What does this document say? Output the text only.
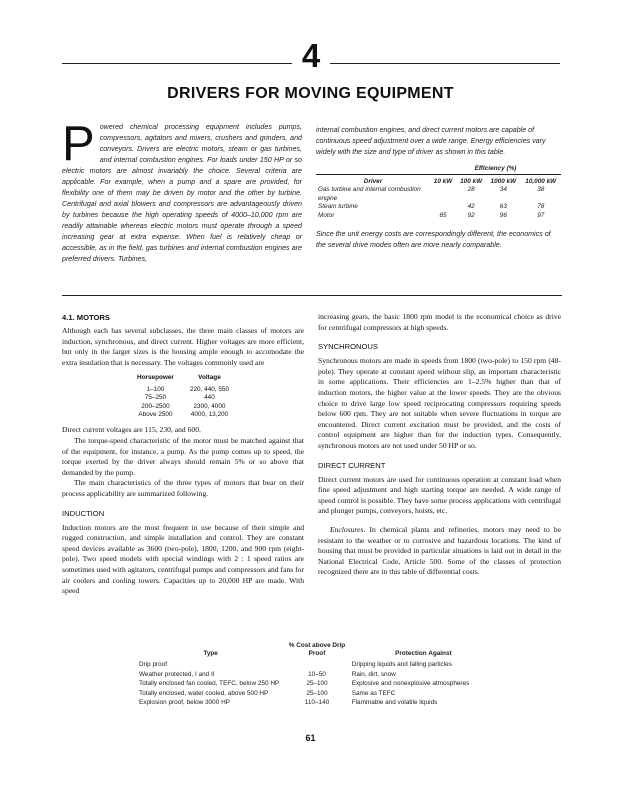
4
DRIVERS FOR MOVING EQUIPMENT
Powered chemical processing equipment includes pumps, compressors, agitators and mixers, crushers and grinders, and conveyors. Drivers are electric motors, steam or gas turbines, and internal combustion engines. For loads under 150 HP or so electric motors are almost invariably the choice. Several criteria are applicable. For example, when a pump and a spare are provided, for flexibility one of them may be driven by motor and the other by turbine. Centrifugal and axial blowers and compressors are advantageously driven by turbines because the high operating speeds of 4000–10,000 rpm are readily attainable whereas electric motors must operate through a speed increasing gear at extra expense. When fuel is relatively cheap or accessible, as in the field, gas turbines and internal combustion engines are preferred drivers. Turbines,
internal combustion engines, and direct current motors are capable of continuous speed adjustment over a wide range. Energy efficiencies vary widely with the size and type of driver as shown in this table.
	Efficiency (%)			
Driver	10 kW	100 kW	1000 kW	10,000 kW
Gas turbine and internal combustion engine		28	34	38
Steam turbine		42	63	78
Motor	85	92	96	97
Since the unit energy costs are correspondingly different, the economics of the several drive modes often are more nearly comparable.
4.1. MOTORS

Although each has several subclasses, the three main classes of motors are induction, synchronous, and direct current. Higher voltages are more efficient, but only in the larger sizes is the housing ample enough to accomodate the extra insulation that is necessary. The voltages commonly used are

Horsepower	Voltage
1–100	220, 440, 550
75–250	440
200–2500	2300, 4000
Above 2500	4000, 13,200

Direct current voltages are 115, 230, and 600.

The torque-speed characteristic of the motor must be matched against that of the equipment, for instance, a pump. As the pump comes up to speed, the torque exerted by the driver always should remain 5% or so above that demanded by the pump.

The main characteristics of the three types of motors that bear on their process applicability are summarized following.

INDUCTION

Induction motors are the most frequent in use because of their simple and rugged construction, and simple installation and control. They are constant speed devices available as 3600 (two-pole), 1800, 1200, and 900 rpm (eight-pole). Two speed models with special windings with 2 : 1 speed ratios are sometimes used with agitators, centrifugal pumps and compressors and fans for air coolers and cooling towers. Capacities up to 20,000 HP are made. With speed

increasing gears, the basic 1800 rpm model is the economical choice as drive for centrifugal compressors at high speeds.

SYNCHRONOUS

Synchronous motors are made in speeds from 1800 (two-pole) to 150 rpm (48-pole). They operate at constant speed without slip, an important characteristic in some applications. Their efficiencies are 1–2.5% higher than that of induction motors, the higher value at the lower speeds. They are the obvious choice to drive large low speed reciprocating compressors requiring speeds below 600 rpm. They are not suitable when severe fluctuations in torque are encountered. Direct current excitation must be provided, and the costs of control equipment are higher than for the induction types. Consequently, synchronous motors are not used under 50 HP or so.

DIRECT CURRENT

Direct current motors are used for continuous operation at constant load when fine speed adjustment and high starting torque are needed. A wide range of speed control is possible. They have some process applications with centrifugal and plunger pumps, conveyors, hoists, etc.

Enclosures. In chemical plants and refineries, motors may need to be resistant to the weather or to corrosive and hazardous locations. The kind of housing that must be provided in particular situations is laid out in detail in the National Electrical Code, Article 500. Some of the classes of protection recognized there are in this table of differential costs.

Type	% Cost above Drip Proof	Protection Against
Drip proof		Dripping liquids and falling particles
Weather protected, I and II	10–50	Rain, dirt, snow
Totally enclosed fan cooled, TEFC, below 250 HP	25–100	Explosive and nonexplosive atmospheres
Totally enclosed, water cooled, above 500 HP	25–100	Same as TEFC
Explosion proof, below 3000 HP	110–140	Flammable and volatile liquids
61
